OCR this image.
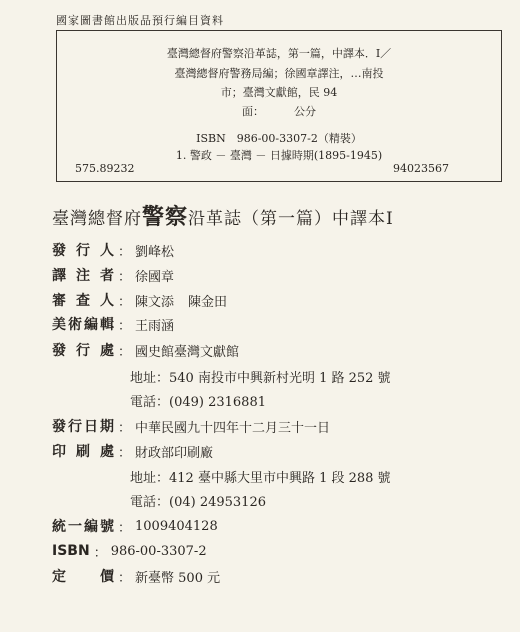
國家圖書館出版品預行編目資料
臺灣總督府警察沿革誌，第一篇，中譯本．I／
臺灣總督府警務局編；徐國章譯注，…南投
市；臺灣文獻館，民 94
面：	公分
ISBN　986-00-3307-2（精裝）
1. 警政 － 臺灣 － 日據時期(1895-1945)
575.89232	94023567
臺灣總督府警察沿革誌（第一篇）中譯本Ⅰ
發行人 ： 劉峰松
譯注者 ： 徐國章
審查人 ： 陳文添 陳金田
美術編輯 ： 王雨涵
發行處 ： 國史館臺灣文獻館
地址：540 南投市中興新村光明 1 路 252 號
電話：(049) 2316881
發行日期 ： 中華民國九十四年十二月三十一日
印刷處 ： 財政部印刷廠
地址：412 臺中縣大里市中興路 1 段 288 號
電話：(04) 24953126
統一編號 ： 1009404128
ISBN ： 986-00-3307-2
定價 ： 新臺幣 500 元
